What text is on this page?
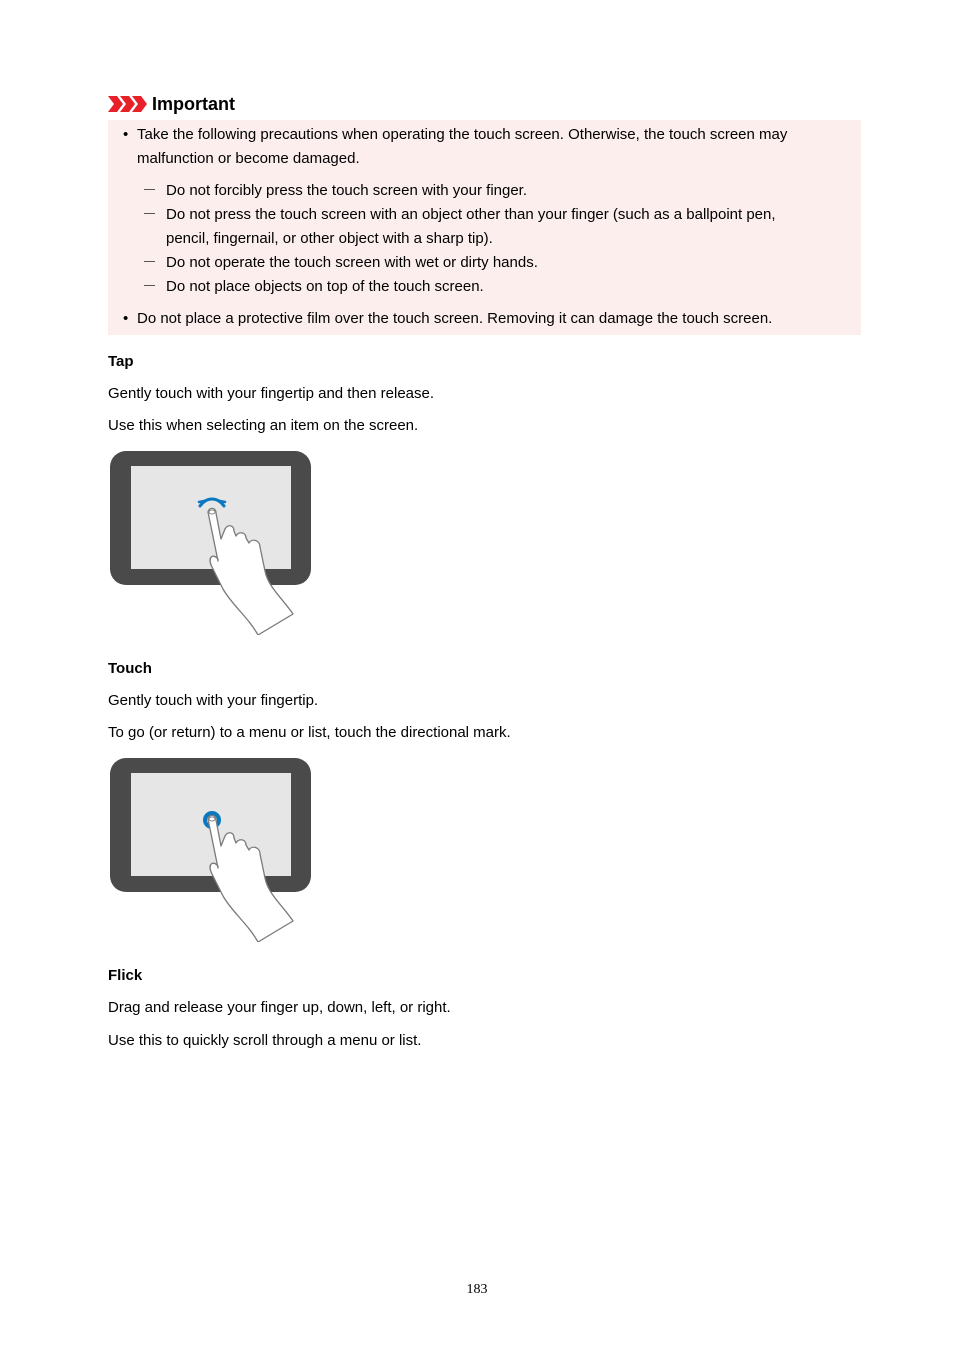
Important
• Take the following precautions when operating the touch screen. Otherwise, the touch screen may
malfunction or become damaged.
Do not forcibly press the touch screen with your finger.
Do not press the touch screen with an object other than your finger (such as a ballpoint pen,
pencil, fingernail, or other object with a sharp tip).
Do not operate the touch screen with wet or dirty hands.
Do not place objects on top of the touch screen.
• Do not place a protective film over the touch screen. Removing it can damage the touch screen.
Tap
Gently touch with your fingertip and then release.
Use this when selecting an item on the screen.
Touch
Gently touch with your fingertip.
To go (or return) to a menu or list, touch the directional mark.
Flick
Drag and release your finger up, down, left, or right.
Use this to quickly scroll through a menu or list.
183
